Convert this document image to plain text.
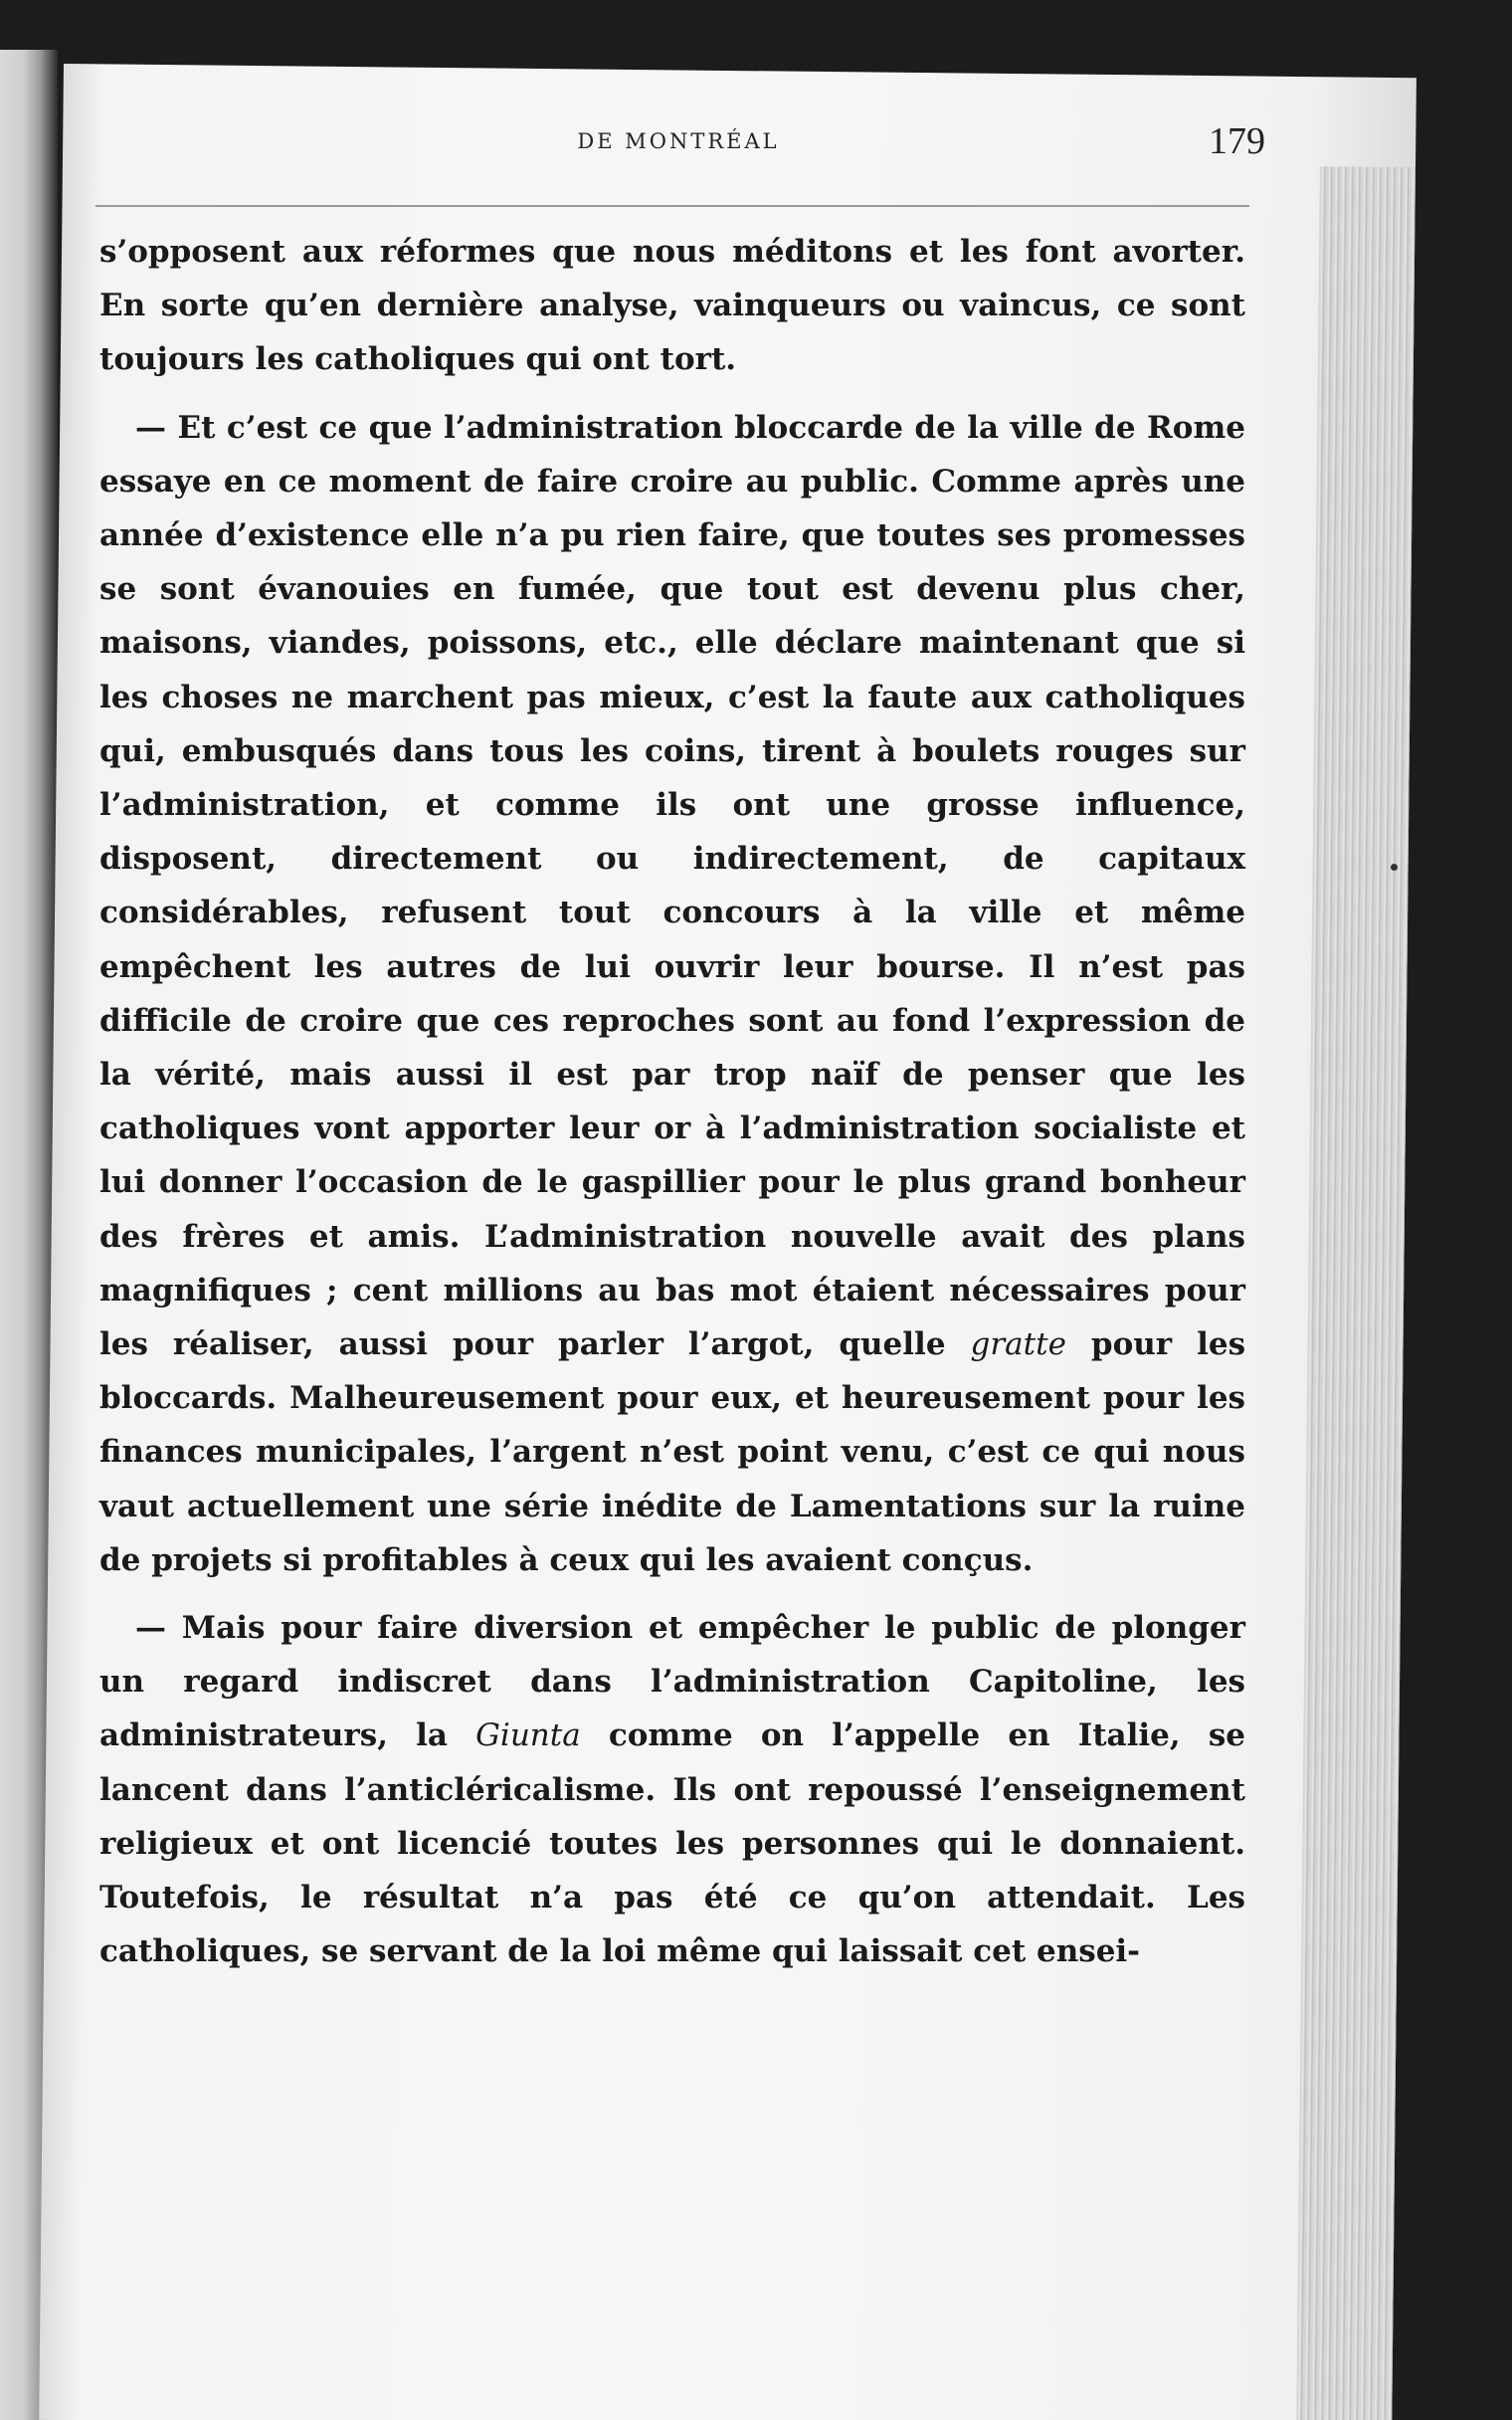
DE MONTRÉAL	179

s’opposent aux réformes que nous méditons et les font avorter. En sorte qu’en dernière analyse, vainqueurs ou vaincus, ce sont toujours les catholiques qui ont tort.

— Et c’est ce que l’administration bloccarde de la ville de Rome essaye en ce moment de faire croire au public. Comme après une année d’existence elle n’a pu rien faire, que toutes ses promesses se sont évanouies en fumée, que tout est devenu plus cher, maisons, viandes, poissons, etc., elle déclare maintenant que si les choses ne marchent pas mieux, c’est la faute aux catholiques qui, embusqués dans tous les coins, tirent à boulets rouges sur l’administration, et comme ils ont une grosse influence, disposent, directement ou indirectement, de capitaux considérables, refusent tout concours à la ville et même empêchent les autres de lui ouvrir leur bourse. Il n’est pas difficile de croire que ces reproches sont au fond l’expression de la vérité, mais aussi il est par trop naïf de penser que les catholiques vont apporter leur or à l’administration socialiste et lui donner l’occasion de le gaspillier pour le plus grand bonheur des frères et amis. L’administration nouvelle avait des plans magnifiques ; cent millions au bas mot étaient nécessaires pour les réaliser, aussi pour parler l’argot, quelle gratte pour les bloccards. Malheureusement pour eux, et heureusement pour les finances municipales, l’argent n’est point venu, c’est ce qui nous vaut actuellement une série inédite de Lamentations sur la ruine de projets si profitables à ceux qui les avaient conçus.

— Mais pour faire diversion et empêcher le public de plonger un regard indiscret dans l’administration Capitoline, les administrateurs, la Giunta comme on l’appelle en Italie, se lancent dans l’anticléricalisme. Ils ont repoussé l’enseignement religieux et ont licencié toutes les personnes qui le donnaient. Toutefois, le résultat n’a pas été ce qu’on attendait. Les catholiques, se servant de la loi même qui laissait cet ensei-
